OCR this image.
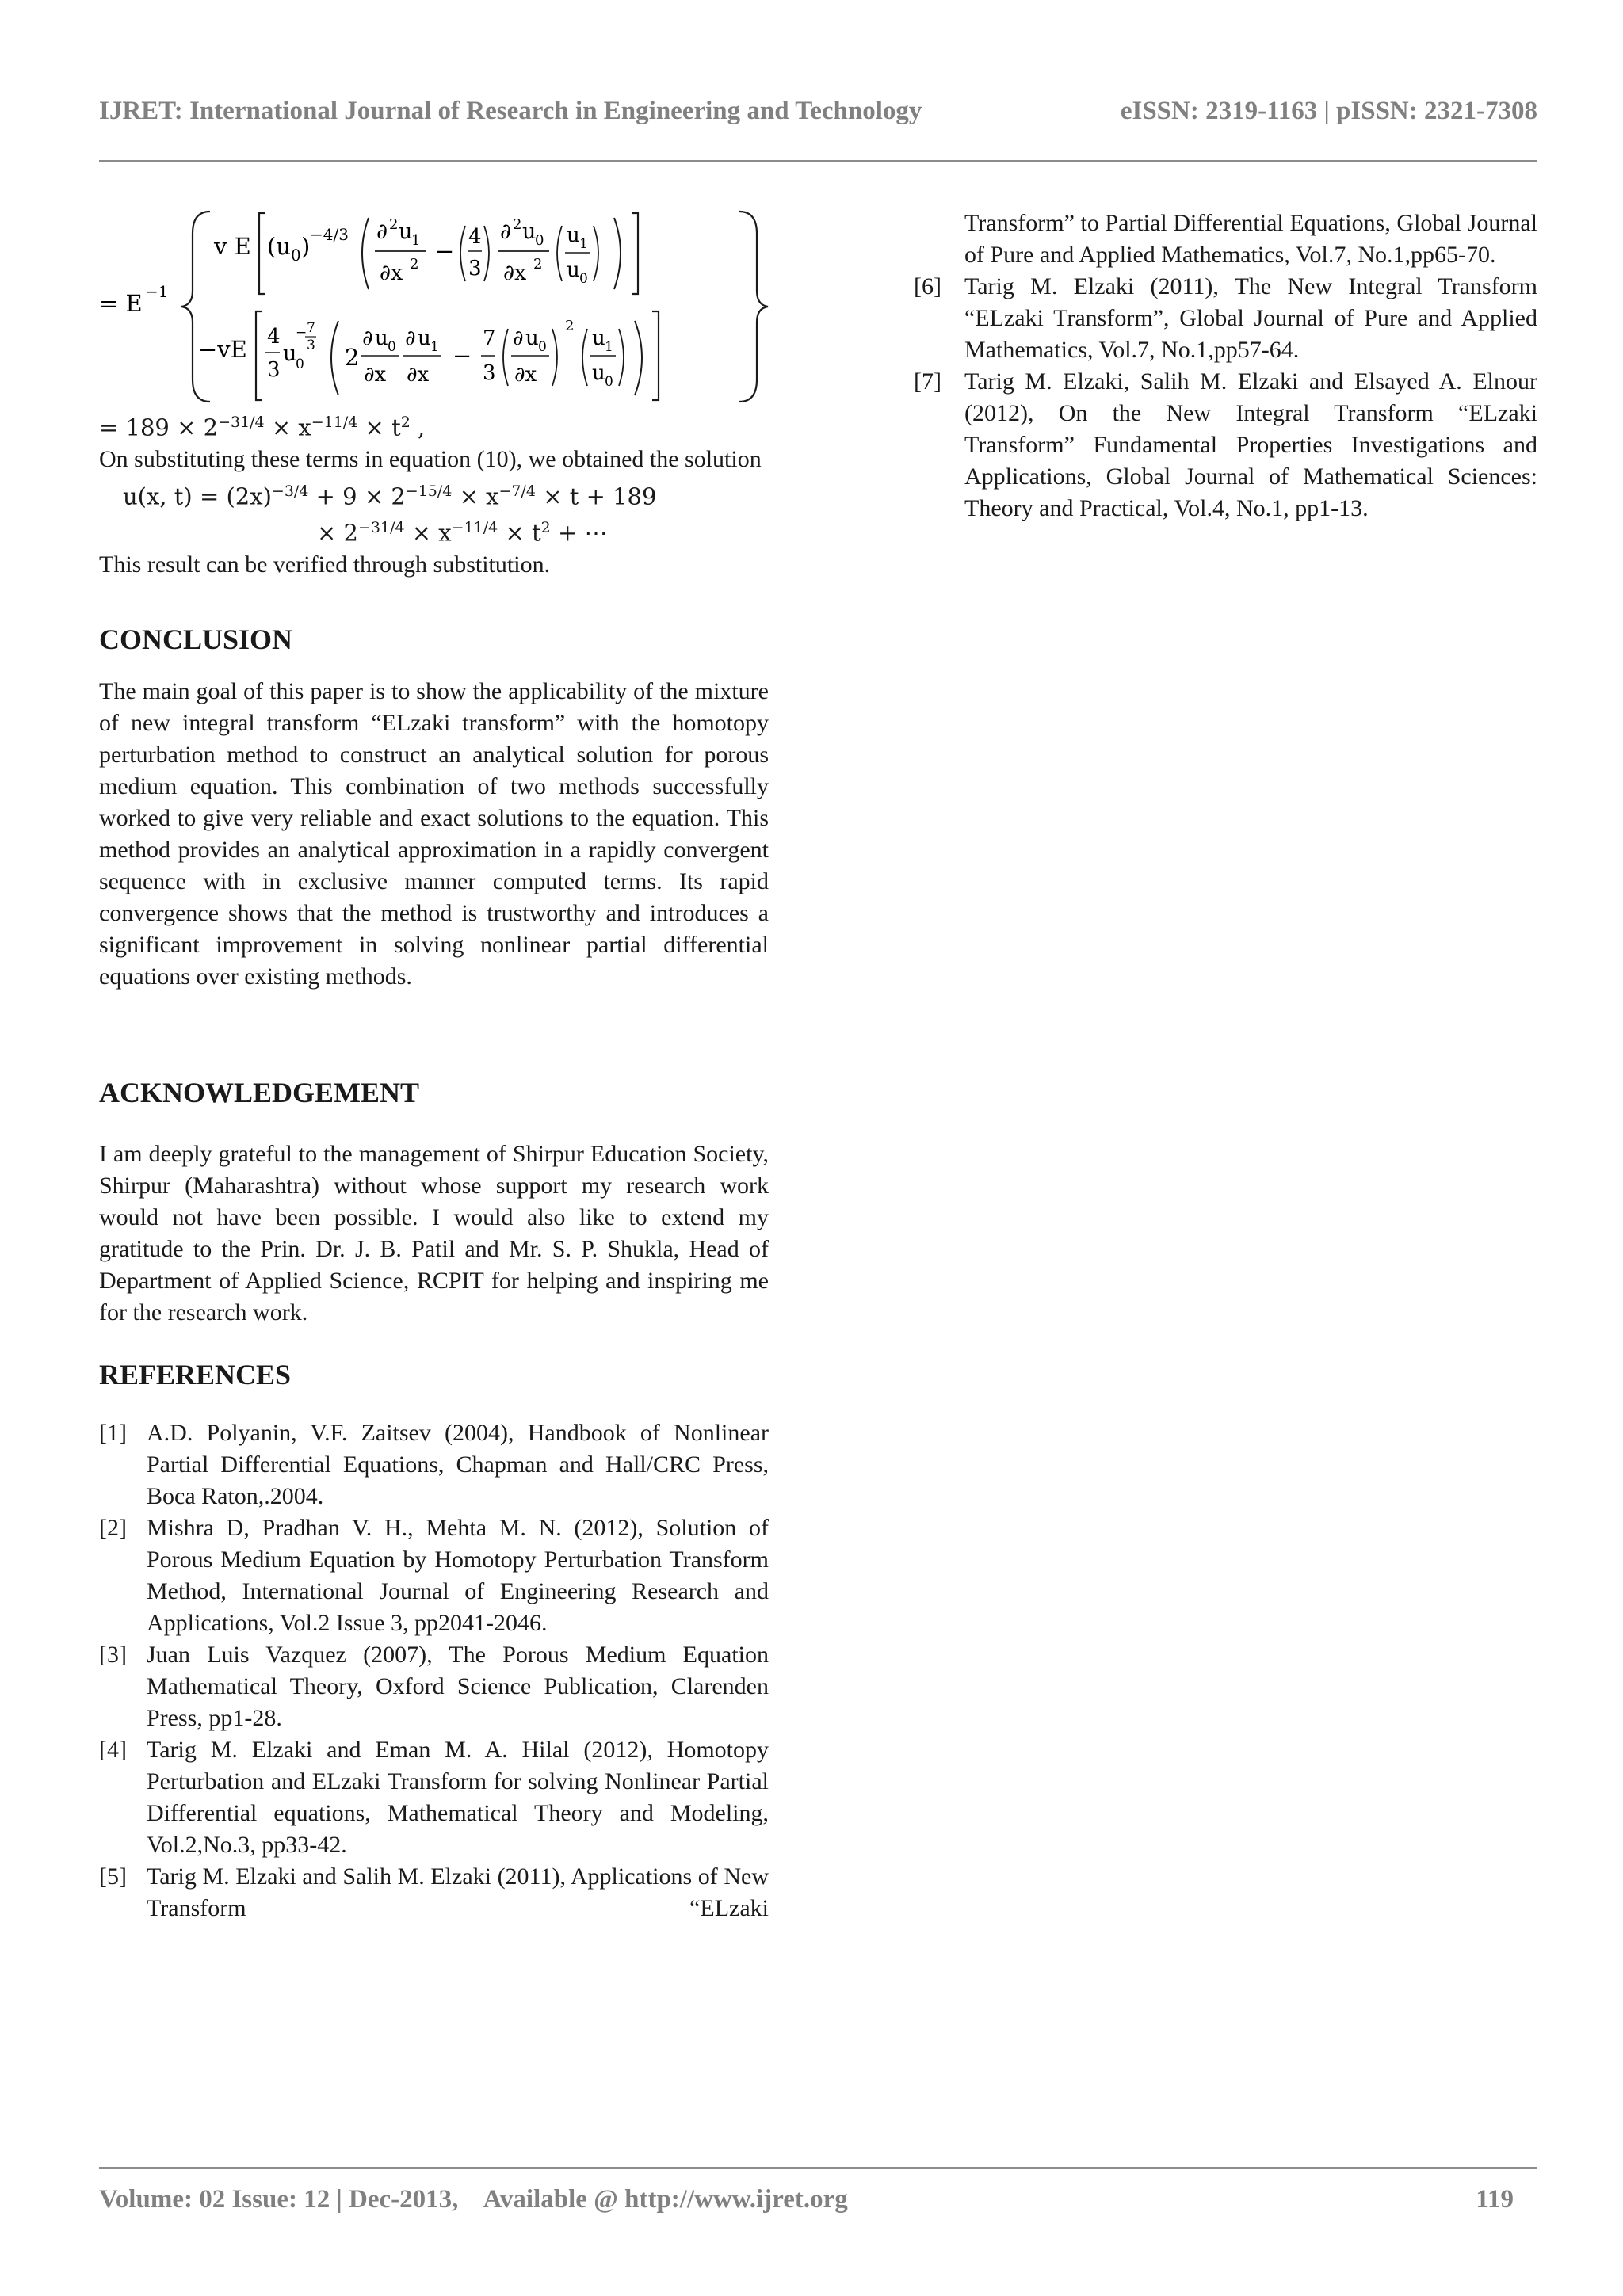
IJRET: International Journal of Research in Engineering and Technology	eISSN: 2319-1163 | pISSN: 2321-7308
= E −1
v E (u 0 ) −4/3 ∂ 2 u
1
∂x 2 −
4
3
∂ 2 u
0
∂x 2
u 1
u 0
−vE 4
3
u
0
− 7
3 2
∂ u 0
∂x
∂ u 1
∂x
−
7
3
∂ u 0
∂x
2
u 1
u 0
= $189 \times 2^{-31/4} \times x^{-11/4} \times t^2$ ,

On substituting these terms in equation (10), we obtained the solution

u(x, $t) = (2x)^{-3/4} + 9 \times 2^{-15/4} \times x^{-7/4} \times t + 189$
× $2^{-31/4} \times x^{-11/4} \times t^2$ + ⋯

This result can be verified through substitution.

CONCLUSION

The main goal of this paper is to show the applicability of the mixture of new integral transform “ELzaki transform” with the homotopy perturbation method to construct an analytical solution for porous medium equation. This combination of two methods successfully worked to give very reliable and exact solutions to the equation. This method provides an analytical approximation in a rapidly convergent sequence with in exclusive manner computed terms. Its rapid convergence shows that the method is trustworthy and introduces a significant improvement in solving nonlinear partial differential equations over existing methods.

ACKNOWLEDGEMENT

I am deeply grateful to the management of Shirpur Education Society, Shirpur (Maharashtra) without whose support my research work would not have been possible. I would also like to extend my gratitude to the Prin. Dr. J. B. Patil and Mr. S. P. Shukla, Head of Department of Applied Science, RCPIT for helping and inspiring me for the research work.

REFERENCES
[1] A.D. Polyanin, V.F. Zaitsev (2004), Handbook of Nonlinear Partial Differential Equations, Chapman and Hall/CRC Press, Boca Raton,.2004.
[2] Mishra D, Pradhan V. H., Mehta M. N. (2012), Solution of Porous Medium Equation by Homotopy Perturbation Transform Method, International Journal of Engineering Research and Applications, Vol.2 Issue 3, pp2041-2046.
[3] Juan Luis Vazquez (2007), The Porous Medium Equation Mathematical Theory, Oxford Science Publication, Clarenden Press, pp1-28.
[4] Tarig M. Elzaki and Eman M. A. Hilal (2012), Homotopy Perturbation and ELzaki Transform for solving Nonlinear Partial Differential equations, Mathematical Theory and Modeling, Vol.2,No.3, pp33-42.
[5] Tarig M. Elzaki and Salih M. Elzaki (2011), Applications of New Transform “ELzaki
Transform” to Partial Differential Equations, Global Journal of Pure and Applied Mathematics, Vol.7, No.1,pp65-70.
[6] Tarig M. Elzaki (2011), The New Integral Transform “ELzaki Transform”, Global Journal of Pure and Applied Mathematics, Vol.7, No.1,pp57-64.
[7] Tarig M. Elzaki, Salih M. Elzaki and Elsayed A. Elnour (2012), On the New Integral Transform “ELzaki Transform” Fundamental Properties Investigations and Applications, Global Journal of Mathematical Sciences: Theory and Practical, Vol.4, No.1, pp1-13.
Volume: 02 Issue: 12 | Dec-2013,    Available @ http://www.ijret.org	119
